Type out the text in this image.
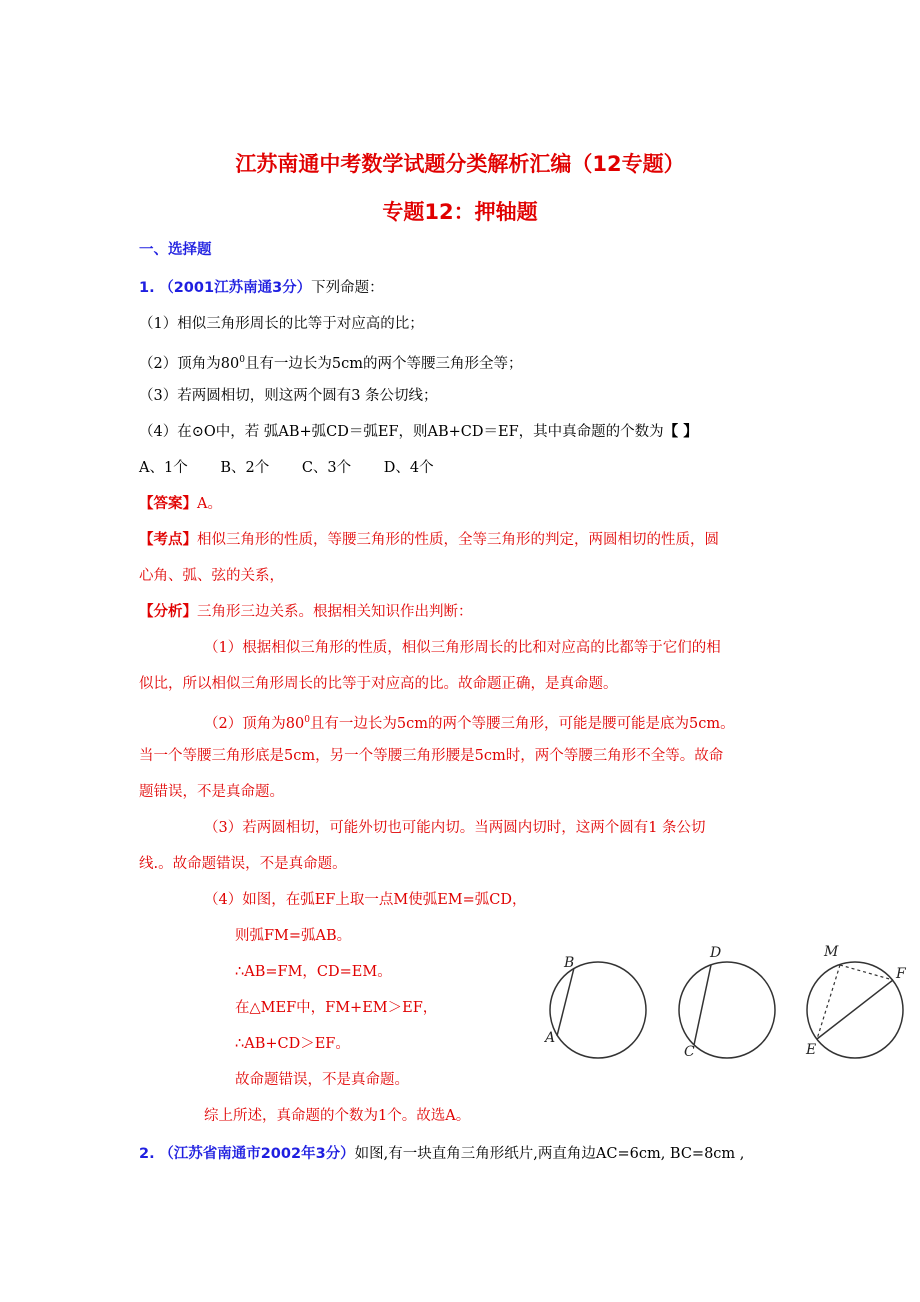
江苏南通中考数学试题分类解析汇编（12专题）
专题12：押轴题
一、选择题
1. （2001江苏南通3分）下列命题：
（1）相似三角形周长的比等于对应高的比；
（2）顶角为$80^0$且有一边长为5cm的两个等腰三角形全等；
（3）若两圆相切，则这两个圆有3 条公切线；
（4）在⊙O中，若 弧AB+弧CD＝弧EF，则AB+CD＝EF，其中真命题的个数为【 】
A、1个 B、2个 C、3个 D、4个
【答案】A。
【考点】相似三角形的性质，等腰三角形的性质，全等三角形的判定，两圆相切的性质，圆
心角、弧、弦的关系，
【分析】三角形三边关系。根据相关知识作出判断：
（1）根据相似三角形的性质，相似三角形周长的比和对应高的比都等于它们的相
似比，所以相似三角形周长的比等于对应高的比。故命题正确，是真命题。
（2）顶角为$80^0$且有一边长为5cm的两个等腰三角形，可能是腰可能是底为5cm。
当一个等腰三角形底是5cm，另一个等腰三角形腰是5cm时，两个等腰三角形不全等。故命
题错误，不是真命题。
（3）若两圆相切，可能外切也可能内切。当两圆内切时，这两个圆有1 条公切
线.。故命题错误，不是真命题。
（4）如图，在弧EF上取一点M使弧EM=弧CD，
则弧FM=弧AB。
∴AB=FM，CD=EM。
在△MEF中，FM+EM＞EF，
∴AB+CD＞EF。
故命题错误，不是真命题。
综上所述，真命题的个数为1个。故选A。
2. （江苏省南通市2002年3分）如图,有一块直角三角形纸片,两直角边AC=6cm, BC=8cm ,
B
A
D
C
M
F
E
